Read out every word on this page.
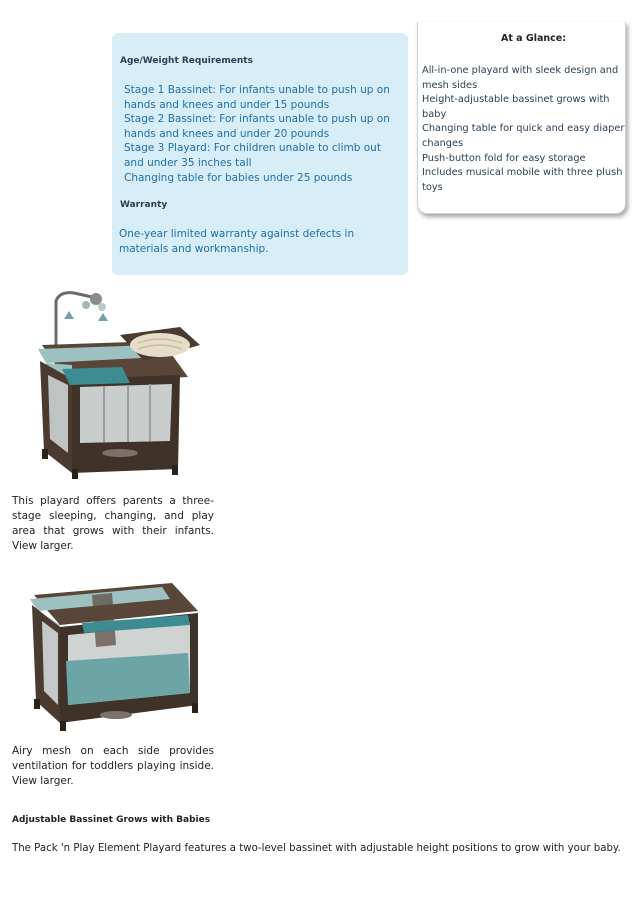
Age/Weight Requirements
Stage 1 Bassinet: For infants unable to push up on hands and knees and under 15 pounds
Stage 2 Bassinet: For infants unable to push up on hands and knees and under 20 pounds
Stage 3 Playard: For children unable to climb out and under 35 inches tall
Changing table for babies under 25 pounds
Warranty
One-year limited warranty against defects in materials and workmanship.
At a Glance:
All-in-one playard with sleek design and mesh sides
Height-adjustable bassinet grows with baby
Changing table for quick and easy diaper changes
Push-button fold for easy storage
Includes musical mobile with three plush toys
This playard offers parents a three-stage sleeping, changing, and play area that grows with their infants. View larger.
Airy mesh on each side provides ventilation for toddlers playing inside. View larger.
Adjustable Bassinet Grows with Babies
The Pack 'n Play Element Playard features a two-level bassinet with adjustable height positions to grow with your baby.
